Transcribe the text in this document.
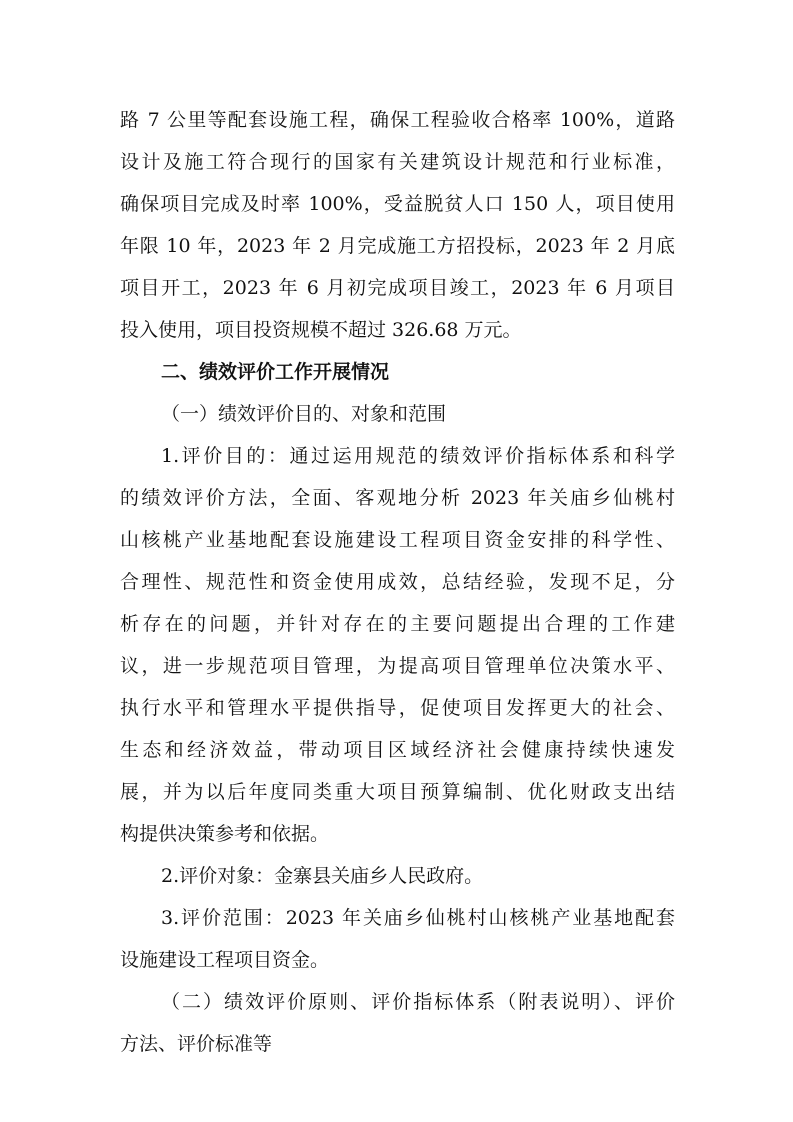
路 7 公里等配套设施工程，确保工程验收合格率 100%，道路
设计及施工符合现行的国家有关建筑设计规范和行业标准，
确保项目完成及时率 100%，受益脱贫人口 150 人，项目使用
年限 10 年，2023 年 2 月完成施工方招投标，2023 年 2 月底
项目开工，2023 年 6 月初完成项目竣工，2023 年 6 月项目
投入使用，项目投资规模不超过 326.68 万元。
二、绩效评价工作开展情况
（一）绩效评价目的、对象和范围
1.评价目的：通过运用规范的绩效评价指标体系和科学
的绩效评价方法，全面、客观地分析 2023 年关庙乡仙桃村
山核桃产业基地配套设施建设工程项目资金安排的科学性、
合理性、规范性和资金使用成效，总结经验，发现不足，分
析存在的问题，并针对存在的主要问题提出合理的工作建
议，进一步规范项目管理，为提高项目管理单位决策水平、
执行水平和管理水平提供指导，促使项目发挥更大的社会、
生态和经济效益，带动项目区域经济社会健康持续快速发
展，并为以后年度同类重大项目预算编制、优化财政支出结
构提供决策参考和依据。
2.评价对象：金寨县关庙乡人民政府。
3.评价范围：2023 年关庙乡仙桃村山核桃产业基地配套
设施建设工程项目资金。
（二）绩效评价原则、评价指标体系（附表说明）、评价
方法、评价标准等
